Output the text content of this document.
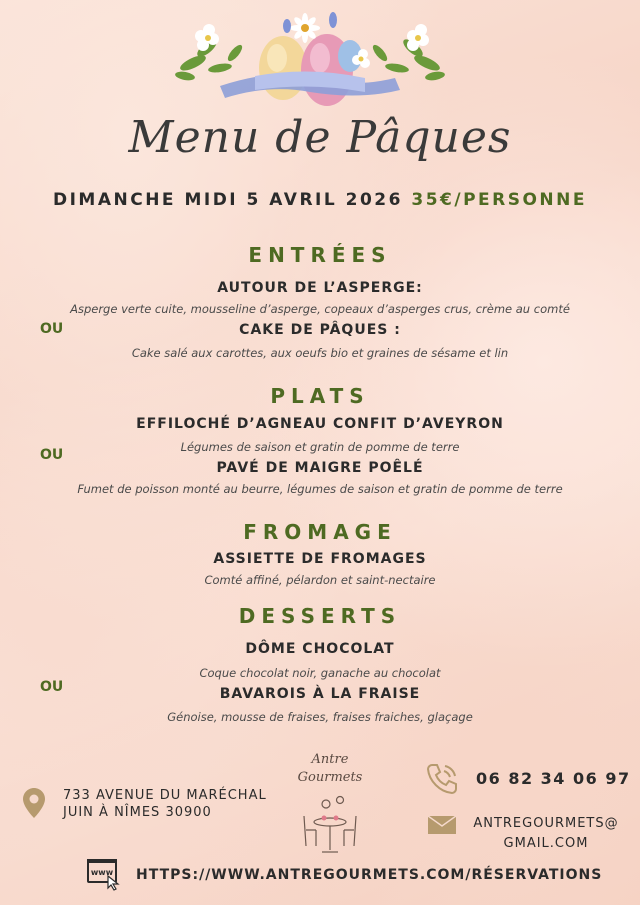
Menu de Pâques
DIMANCHE MIDI 5 AVRIL 2026 35€/PERSONNE
ENTRÉES
AUTOUR DE L’ASPERGE:
Asperge verte cuite, mousseline d’asperge, copeaux d’asperges crus, crème au comté
OU	CAKE DE PÂQUES :
Cake salé aux carottes, aux oeufs bio et graines de sésame et lin
PLATS
EFFILOCHÉ D’AGNEAU CONFIT D’AVEYRON
Légumes de saison et gratin de pomme de terre
OU
PAVÉ DE MAIGRE POÊLÉ
Fumet de poisson monté au beurre, légumes de saison et gratin de pomme de terre
FROMAGE
ASSIETTE DE FROMAGES
Comté affiné, pélardon et saint-nectaire
DESSERTS
DÔME CHOCOLAT
Coque chocolat noir, ganache au chocolat
OU	BAVAROIS À LA FRAISE
Génoise, mousse de fraises, fraises fraiches, glaçage
733 AVENUE DU MARÉCHAL
JUIN À NÎMES 30900
Antre
Gourmets	06 82 34 06 97
ANTREGOURMETS@
GMAIL.COM
www HTTPS://WWW.ANTREGOURMETS.COM/RÉSERVATIONS
